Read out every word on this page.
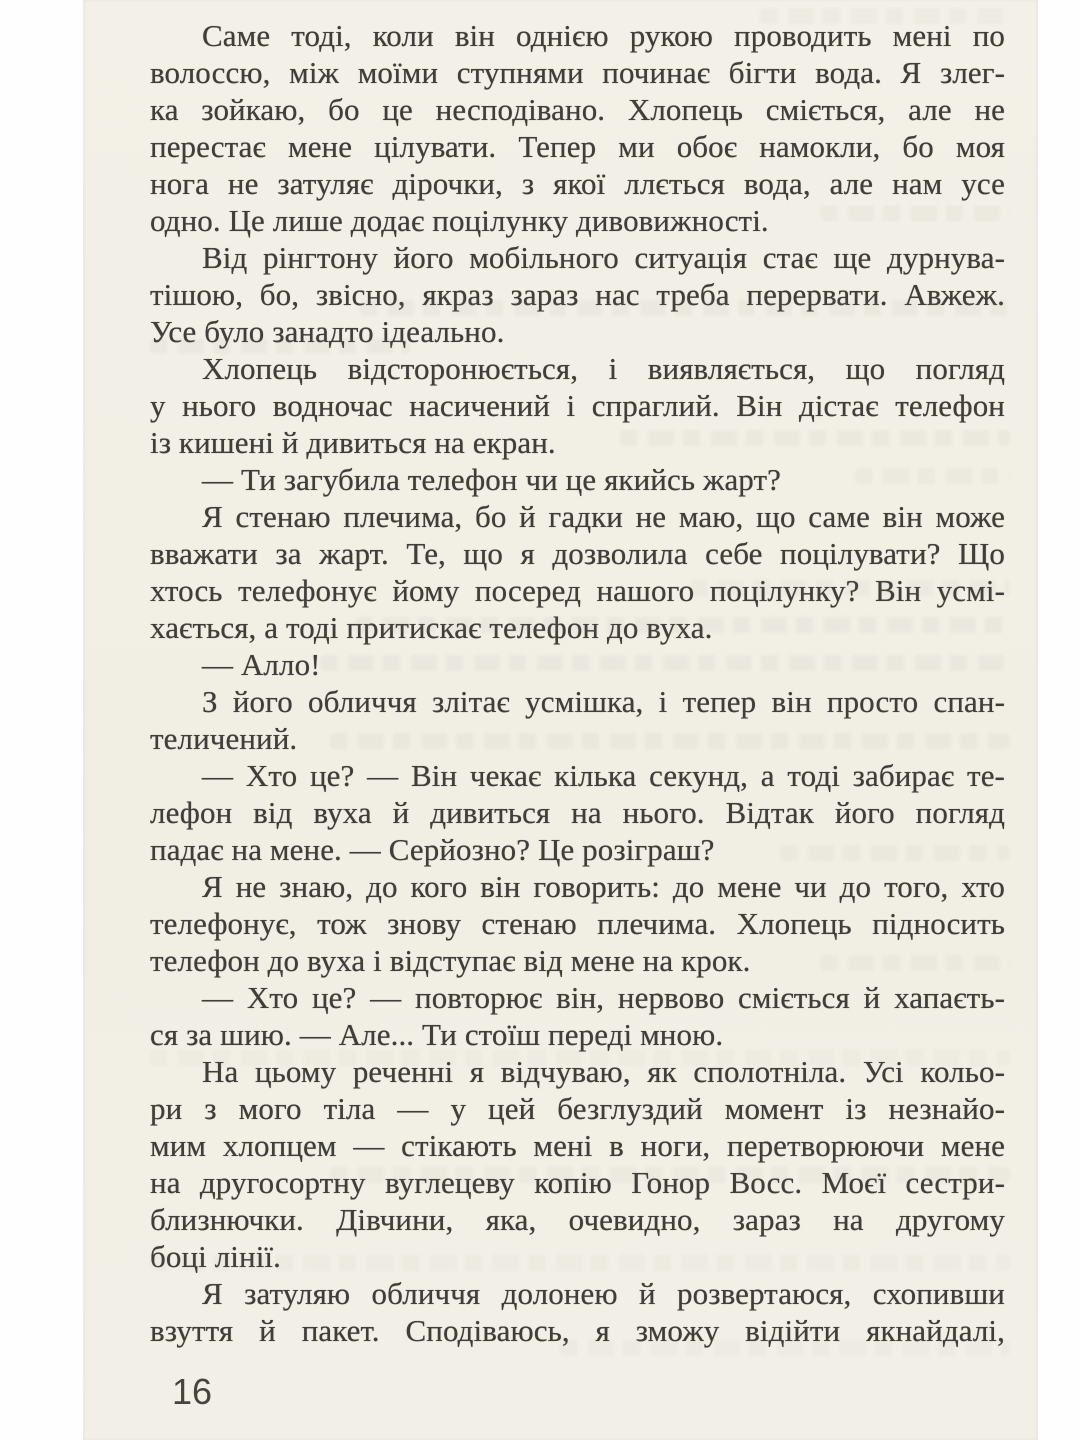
Саме тоді, коли він однією рукою проводить мені по
волоссю, між моїми ступнями починає бігти вода. Я злег-
ка зойкаю, бо це несподівано. Хлопець сміється, але не
перестає мене цілувати. Тепер ми обоє намокли, бо моя
нога не затуляє дірочки, з якої ллється вода, але нам усе
одно. Це лише додає поцілунку дивовижності.
Від рінгтону його мобільного ситуація стає ще дурнува-
тішою, бо, звісно, якраз зараз нас треба перервати. Авжеж.
Усе було занадто ідеально.
Хлопець відсторонюється, і виявляється, що погляд
у нього водночас насичений і спраглий. Він дістає телефон
із кишені й дивиться на екран.
— Ти загубила телефон чи це якийсь жарт?
Я стенаю плечима, бо й гадки не маю, що саме він може
вважати за жарт. Те, що я дозволила себе поцілувати? Що
хтось телефонує йому посеред нашого поцілунку? Він усмі-
хається, а тоді притискає телефон до вуха.
— Алло!
З його обличчя злітає усмішка, і тепер він просто спан-
теличений.
— Хто це? — Він чекає кілька секунд, а тоді забирає те-
лефон від вуха й дивиться на нього. Відтак його погляд
падає на мене. — Серйозно? Це розіграш?
Я не знаю, до кого він говорить: до мене чи до того, хто
телефонує, тож знову стенаю плечима. Хлопець підносить
телефон до вуха і відступає від мене на крок.
— Хто це? — повторює він, нервово сміється й хапаєть-
ся за шию. — Але... Ти стоїш переді мною.
На цьому реченні я відчуваю, як сполотніла. Усі кольо-
ри з мого тіла — у цей безглуздий момент із незнайо-
мим хлопцем — стікають мені в ноги, перетворюючи мене
на другосортну вуглецеву копію Гонор Восс. Моєї сестри-
близнючки. Дівчини, яка, очевидно, зараз на другому
боці лінії.
Я затуляю обличчя долонею й розвертаюся, схопивши
взуття й пакет. Сподіваюсь, я зможу відійти якнайдалі,
16
